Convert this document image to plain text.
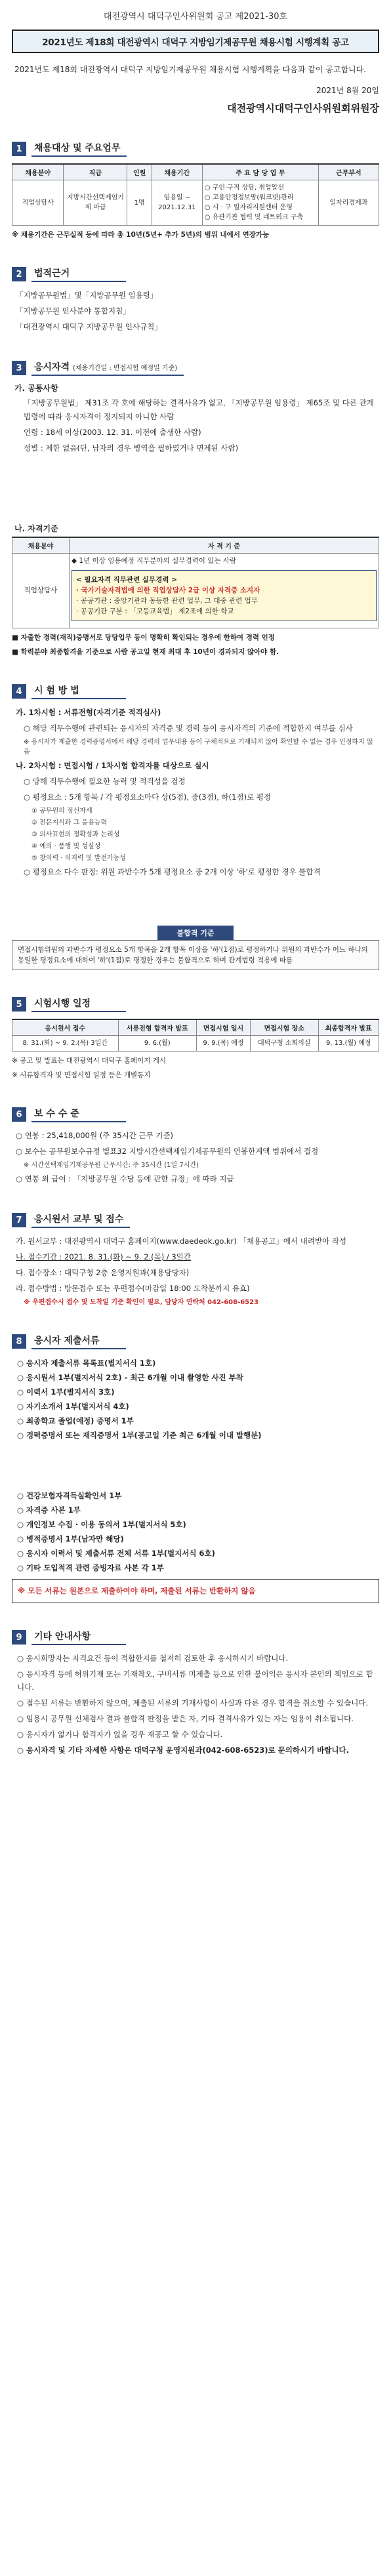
대전광역시 대덕구인사위원회 공고 제2021-30호
2021년도 제18회 대전광역시 대덕구 지방임기제공무원 채용시험 시행계획 공고
2021년도 제18회 대전광역시 대덕구 지방임기제공무원 채용시험 시행계획을 다음과 같이 공고합니다.
2021년 8월 20일
대전광역시대덕구인사위원회위원장
1	채용대상 및 주요업무
채용분야	직급	인원	채용기간	주 요 담 당 업 무	근무부서
직업상담사	지방시간선택제임기제 마급	1명	임용일 ~ 2021.12.31	○ 구인·구직 상담, 취업알선
○ 고용안정정보망(워크넷)관리
○ 시 · 구 일자리지원센터 운영
○ 유관기관 협력 및 네트워크 구축	일자리경제과
※ 채용기간은 근무실적 등에 따라 총 10년(5년+ 추가 5년)의 범위 내에서 연장가능
2	법적근거

「지방공무원법」및「지방공무원 임용령」

「지방공무원 인사분야 통합지침」

「대전광역시 대덕구 지방공무원 인사규칙」

3	응시자격 (채용기간일 : 면접시험 예정일 기준)
가. 공통사항

「지방공무원법」 제31조 각 호에 해당하는 결격사유가 없고, 「지방공무원 임용령」 제65조 및 다른 관계법령에 따라 응시자격이 정지되지 아니한 사람

연령 : 18세 이상(2003. 12. 31. 이전에 출생한 사람)

성별 : 제한 없음(단, 남자의 경우 병역을 필하였거나 면제된 사람)

나. 자격기준
채용분야	자 격 기 준
직업상담사	◆ 1년 이상 임용예정 직무분야의 실무경력이 있는 사람
< 필요자격 직무관련 실무경력 >
· 국가기술자격법에 의한 직업상담사 2급 이상 자격증 소지자
· 공공기관 : 중앙기관과 동등한 관련 업무, 그 대중 관련 업무
· 공공기관 구분 : 「고등교육법」 제2조에 의한 학교
■ 자출한 경력(재직)증명서로 당당업무 등이 명확히 확인되는 경우에 한하여 경력 인정
■ 학력분야 최종합격을 기준으로 사람 공고일 현재 최대 후 10년이 경과되지 않아야 함.
4	시 험 방 법

가. 1차시험 : 서류전형(자격기준 적격심사)

○ 해당 직무수행에 관련되는 응시자의 자격증 및 경력 등이 응시자격의 기준에 적합한지 여부를 심사

※ 응시자가 제출한 경력증명서에서 해당 경력의 업무내용 등이 구체적으로 기재되지 않아 확인할 수 없는 경우 인정하지 않음

나. 2차시험 : 면접시험 / 1차시험 합격자를 대상으로 실시

○ 당해 직무수행에 필요한 능력 및 적격성을 검정

○ 평정요소 : 5개 항목 / 각 평정요소마다 상(5점), 중(3점), 하(1점)로 평정

① 공무원의 정신자세

② 전문지식과 그 응용능력

③ 의사표현의 정확성과 논리성

④ 예의 · 품행 및 성실성

⑤ 창의력 · 의지력 및 발전가능성

○ 평정요소 다수 판정: 위원 과반수가 5개 평정요소 중 2개 이상 '하'로 평정한 경우 불합격

불합격 기준
면접시험위원의 과반수가 평정요소 5개 항목을 2개 항목 이상을 '하'(1점)로 평정하거나 위원의 과반수가 어느 하나의 동일한 평정요소에 대하여 '하'(1점)로 평정한 경우는 불합격으로 하며 관계법령 적용에 따름
5	시험시행 일정
응시원서 접수	서류전형 합격자 발표	면접시험 일시	면접시험 장소	최종합격자 발표
8. 31.(화) ~ 9. 2.(목) 3일간	9. 6.(월)	9. 9.(목) 예정	대덕구청 소회의실	9. 13.(월) 예정
※ 공고 및 발표는 대전광역시 대덕구 홈페이지 게시
※ 서류합격자 및 면접시험 일정 등은 개별통지
6	보 수 수 준

○ 연봉 : 25,418,000원 (주 35시간 근무 기준)

○ 보수는 공무원보수규정 별표32 지방시간선택제임기제공무원의 연봉한계액 범위에서 결정

※ 시간선택제임기제공무원 근무시간: 주 35시간 (1일 7시간)

○ 연봉 외 급여 : 「지방공무원 수당 등에 관한 규정」에 따라 지급

7	응시원서 교부 및 접수

가. 원서교부 : 대전광역시 대덕구 홈페이지(www.daedeok.go.kr) 「채용공고」에서 내려받아 작성

나. 접수기간 : 2021. 8. 31.(화) ~ 9. 2.(목) / 3일간

다. 접수장소 : 대덕구청 2층 운영지원과(채용담당자)

라. 접수방법 : 방문접수 또는 우편접수(마감일 18:00 도착분까지 유효)

※ 우편접수시 접수 및 도착일 기준 확인이 필요, 담당자 연락처 042-608-6523

8	응시자 제출서류
○ 응시자 제출서류 목록표(별지서식 1호)
○ 응시원서 1부(별지서식 2호) - 최근 6개월 이내 촬영한 사진 부착
○ 이력서 1부(별지서식 3호)
○ 자기소개서 1부(별지서식 4호)
○ 최종학교 졸업(예정) 증명서 1부
○ 경력증명서 또는 재직증명서 1부(공고일 기준 최근 6개월 이내 발행분)
○ 건강보험자격득실확인서 1부
○ 자격증 사본 1부
○ 개인정보 수집 · 이용 동의서 1부(별지서식 5호)
○ 병적증명서 1부(남자만 해당)
○ 응시자 이력서 및 제출서류 전체 서류 1부(별지서식 6호)
○ 기타 도입적격 관련 증빙자료 사본 각 1부
※ 모든 서류는 원본으로 제출하여야 하며, 제출된 서류는 반환하지 않음
9	기타 안내사항
○ 응시희망자는 자격요건 등이 적합한지를 철저히 검토한 후 응시하시기 바랍니다.
○ 응시자격 등에 허위기재 또는 기재착오, 구비서류 미제출 등으로 인한 불이익은 응시자 본인의 책임으로 합니다.
○ 접수된 서류는 반환하지 않으며, 제출된 서류의 기재사항이 사실과 다른 경우 합격을 취소할 수 있습니다.
○ 임용시 공무원 신체검사 결과 불합격 판정을 받은 자, 기타 결격사유가 있는 자는 임용이 취소됩니다.
○ 응시자가 없거나 합격자가 없을 경우 재공고 할 수 있습니다.
○ 응시자격 및 기타 자세한 사항은 대덕구청 운영지원과(042-608-6523)로 문의하시기 바랍니다.
